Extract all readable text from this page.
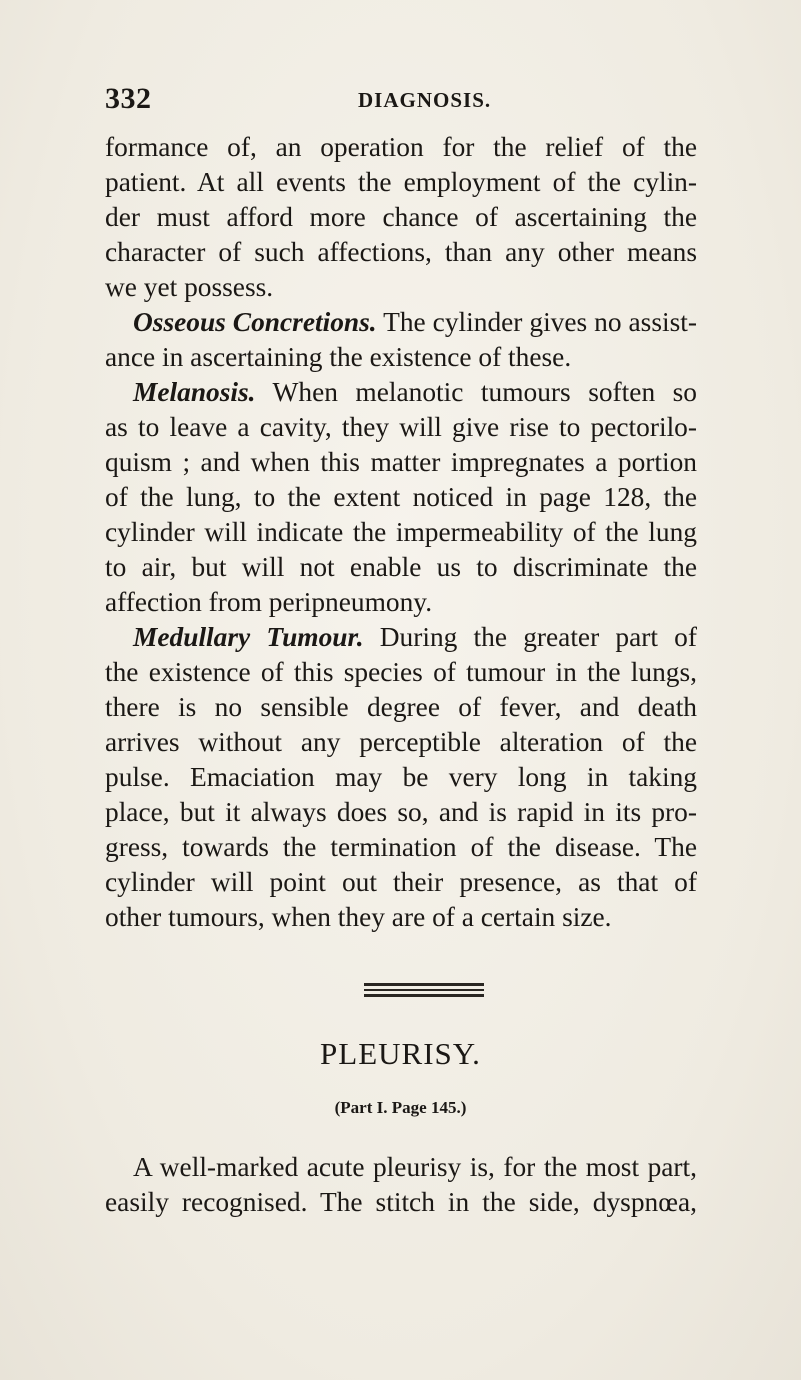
332	DIAGNOSIS.
formance of, an operation for the relief of the
patient. At all events the employment of the cylin-
der must afford more chance of ascertaining the
character of such affections, than any other means
we yet possess.
Osseous Concretions. The cylinder gives no assist-
ance in ascertaining the existence of these.
Melanosis. When melanotic tumours soften so
as to leave a cavity, they will give rise to pectorilo-
quism ; and when this matter impregnates a portion
of the lung, to the extent noticed in page 128, the
cylinder will indicate the impermeability of the lung
to air, but will not enable us to discriminate the
affection from peripneumony.
Medullary Tumour. During the greater part of
the existence of this species of tumour in the lungs,
there is no sensible degree of fever, and death
arrives without any perceptible alteration of the
pulse. Emaciation may be very long in taking
place, but it always does so, and is rapid in its pro-
gress, towards the termination of the disease. The
cylinder will point out their presence, as that of
other tumours, when they are of a certain size.
PLEURISY.
(Part I. Page 145.)
A well-marked acute pleurisy is, for the most part,
easily recognised. The stitch in the side, dyspnœa,
